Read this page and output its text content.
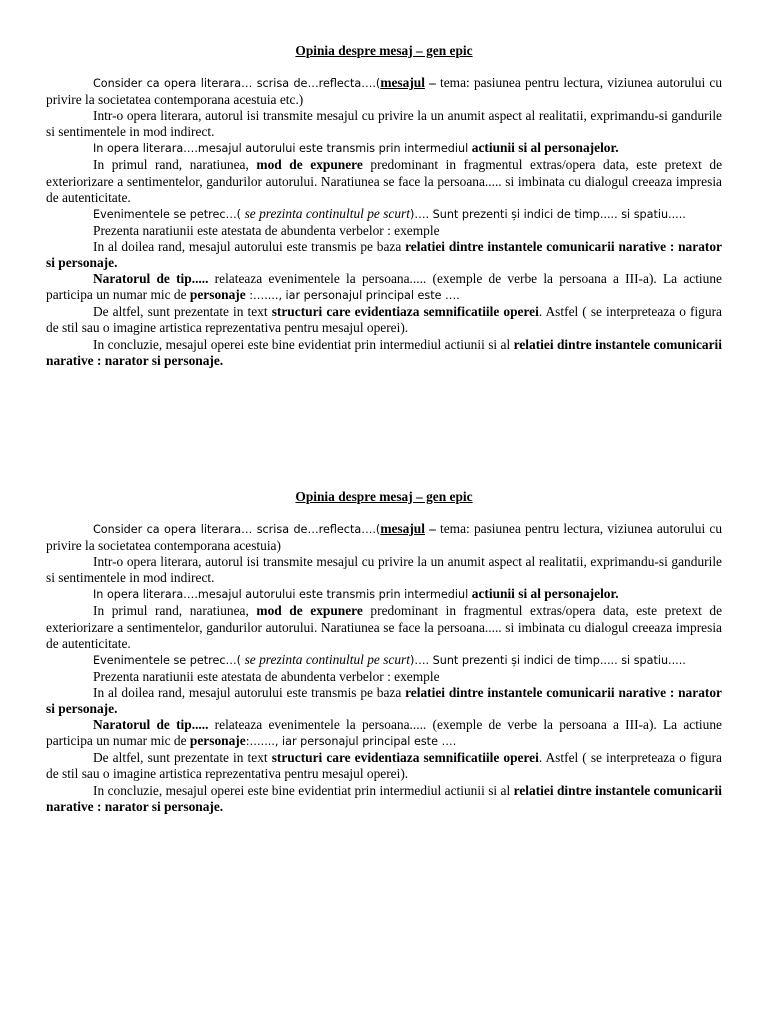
Opinia despre mesaj – gen epic

Consider ca opera literara… scrisa de…reflecta….(mesajul – tema: pasiunea pentru lectura, viziunea autorului cu privire la societatea contemporana acestuia etc.)

Intr-o opera literara, autorul isi transmite mesajul cu privire la un anumit aspect al realitatii, exprimandu-si gandurile si sentimentele in mod indirect.

In opera literara….mesajul autorului este transmis prin intermediul actiunii si al personajelor.

In primul rand, naratiunea, mod de expunere predominant in fragmentul extras/opera data, este pretext de exteriorizare a sentimentelor, gandurilor autorului. Naratiunea se face la persoana..... si imbinata cu dialogul creeaza impresia de autenticitate.

Evenimentele se petrec…( se prezinta continultul pe scurt)…. Sunt prezenti și indici de timp..... si spatiu.....

Prezenta naratiunii este atestata de abundenta verbelor : exemple

In al doilea rand, mesajul autorului este transmis pe baza relatiei dintre instantele comunicarii narative : narator si personaje.

Naratorul de tip..... relateaza evenimentele la persoana..... (exemple de verbe la persoana a III-a). La actiune participa un numar mic de personaje :…...., iar personajul principal este ….

De altfel, sunt prezentate in text structuri care evidentiaza semnificatiile operei. Astfel ( se interpreteaza o figura de stil sau o imagine artistica reprezentativa pentru mesajul operei).

In concluzie, mesajul operei este bine evidentiat prin intermediul actiunii si al relatiei dintre instantele comunicarii narative : narator si personaje.

Opinia despre mesaj – gen epic

Consider ca opera literara… scrisa de…reflecta….(mesajul – tema: pasiunea pentru lectura, viziunea autorului cu privire la societatea contemporana acestuia)

Intr-o opera literara, autorul isi transmite mesajul cu privire la un anumit aspect al realitatii, exprimandu-si gandurile si sentimentele in mod indirect.

In opera literara….mesajul autorului este transmis prin intermediul actiunii si al personajelor.

In primul rand, naratiunea, mod de expunere predominant in fragmentul extras/opera data, este pretext de exteriorizare a sentimentelor, gandurilor autorului. Naratiunea se face la persoana..... si imbinata cu dialogul creeaza impresia de autenticitate.

Evenimentele se petrec…( se prezinta continultul pe scurt)…. Sunt prezenti și indici de timp..... si spatiu.....

Prezenta naratiunii este atestata de abundenta verbelor : exemple

In al doilea rand, mesajul autorului este transmis pe baza relatiei dintre instantele comunicarii narative : narator si personaje.

Naratorul de tip..... relateaza evenimentele la persoana..... (exemple de verbe la persoana a III-a). La actiune participa un numar mic de personaje:…...., iar personajul principal este ….

De altfel, sunt prezentate in text structuri care evidentiaza semnificatiile operei. Astfel ( se interpreteaza o figura de stil sau o imagine artistica reprezentativa pentru mesajul operei).

In concluzie, mesajul operei este bine evidentiat prin intermediul actiunii si al relatiei dintre instantele comunicarii narative : narator si personaje.
